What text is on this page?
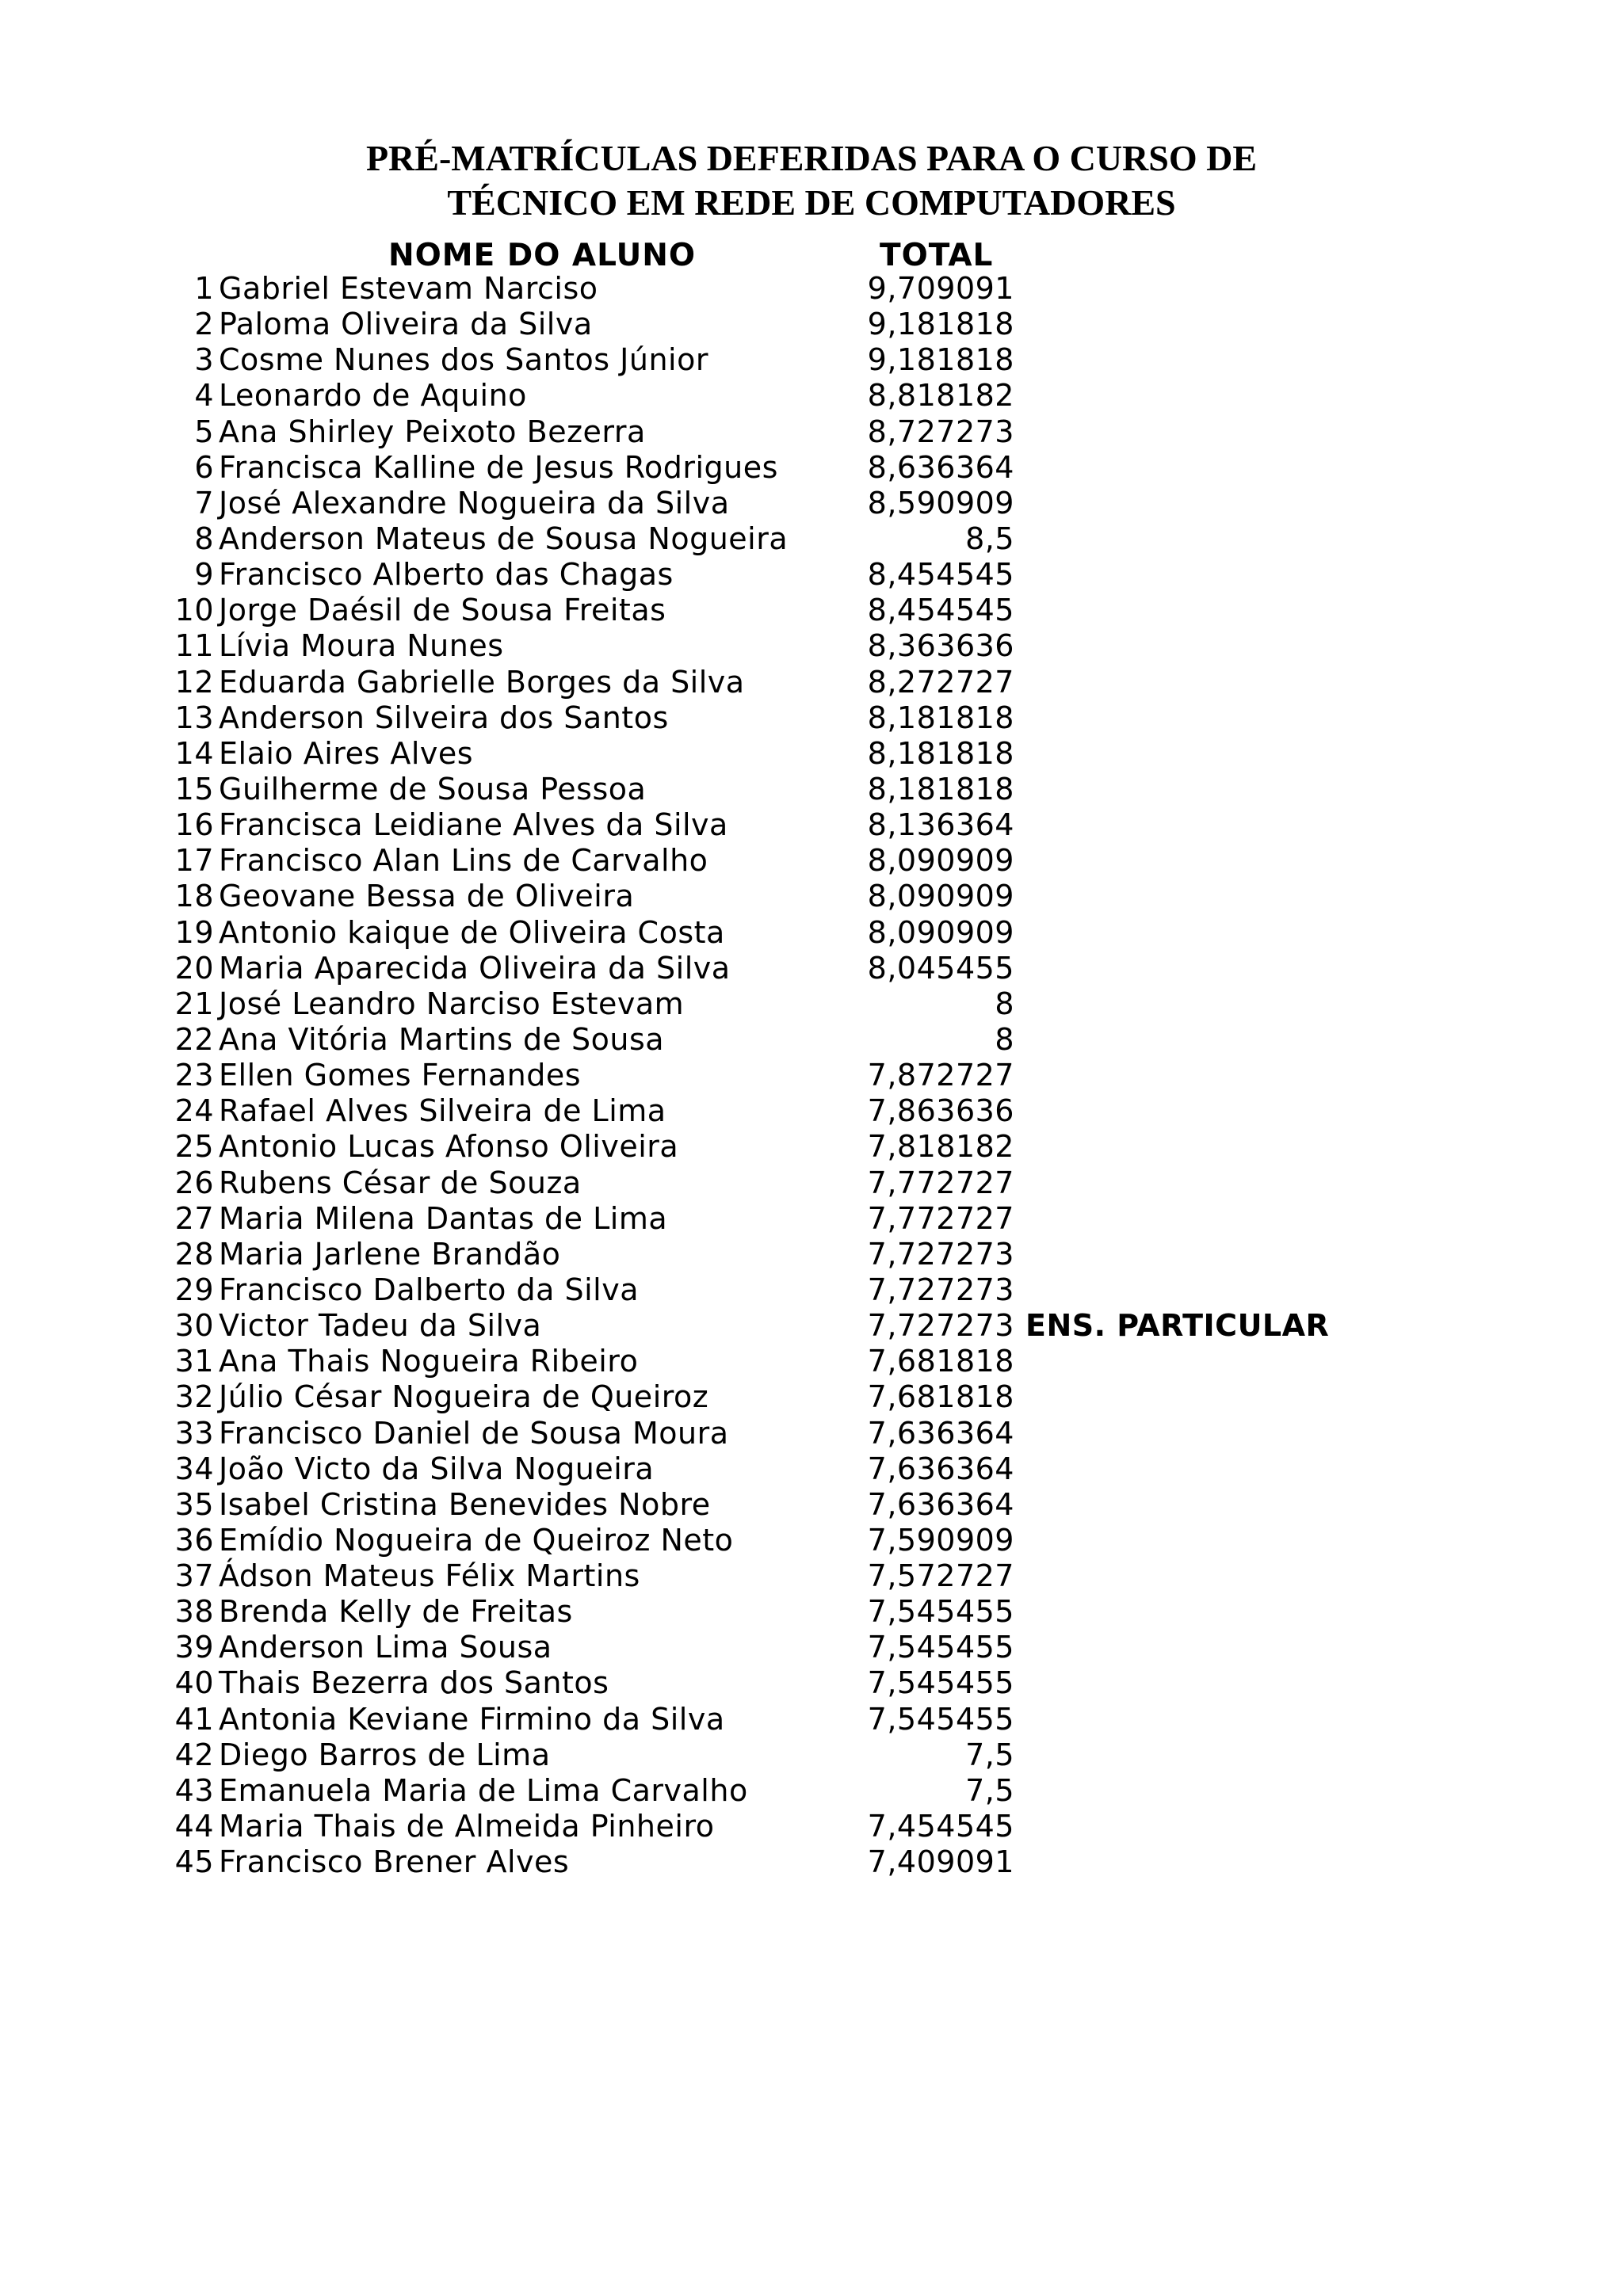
PRÉ-MATRÍCULAS DEFERIDAS PARA O CURSO DE
TÉCNICO EM REDE DE COMPUTADORES
NOME DO ALUNO	TOTAL
1 Gabriel Estevam Narciso	9,709091
2 Paloma Oliveira da Silva	9,181818
3 Cosme Nunes dos Santos Júnior	9,181818
4 Leonardo de Aquino	8,818182
5 Ana Shirley Peixoto Bezerra	8,727273
6 Francisca Kalline de Jesus Rodrigues	8,636364
7 José Alexandre Nogueira da Silva	8,590909
8 Anderson Mateus de Sousa Nogueira	8,5
9 Francisco Alberto das Chagas	8,454545
10 Jorge Daésil de Sousa Freitas	8,454545
11 Lívia Moura Nunes	8,363636
12 Eduarda Gabrielle Borges da Silva	8,272727
13 Anderson Silveira dos Santos	8,181818
14 Elaio Aires Alves	8,181818
15 Guilherme de Sousa Pessoa	8,181818
16 Francisca Leidiane Alves da Silva	8,136364
17 Francisco Alan Lins de Carvalho	8,090909
18 Geovane Bessa de Oliveira	8,090909
19 Antonio kaique de Oliveira Costa	8,090909
20 Maria Aparecida Oliveira da Silva	8,045455
21 José Leandro Narciso Estevam	8
22 Ana Vitória Martins de Sousa	8
23 Ellen Gomes Fernandes	7,872727
24 Rafael Alves Silveira de Lima	7,863636
25 Antonio Lucas Afonso Oliveira	7,818182
26 Rubens César de Souza	7,772727
27 Maria Milena Dantas de Lima	7,772727
28 Maria Jarlene Brandão	7,727273
29 Francisco Dalberto da Silva	7,727273
30 Victor Tadeu da Silva	7,727273 ENS. PARTICULAR
31 Ana Thais Nogueira Ribeiro	7,681818
32 Júlio César Nogueira de Queiroz	7,681818
33 Francisco Daniel de Sousa Moura	7,636364
34 João Victo da Silva Nogueira	7,636364
35 Isabel Cristina Benevides Nobre	7,636364
36 Emídio Nogueira de Queiroz Neto	7,590909
37 Ádson Mateus Félix Martins	7,572727
38 Brenda Kelly de Freitas	7,545455
39 Anderson Lima Sousa	7,545455
40 Thais Bezerra dos Santos	7,545455
41 Antonia Keviane Firmino da Silva	7,545455
42 Diego Barros de Lima	7,5
43 Emanuela Maria de Lima Carvalho	7,5
44 Maria Thais de Almeida Pinheiro	7,454545
45 Francisco Brener Alves	7,409091
